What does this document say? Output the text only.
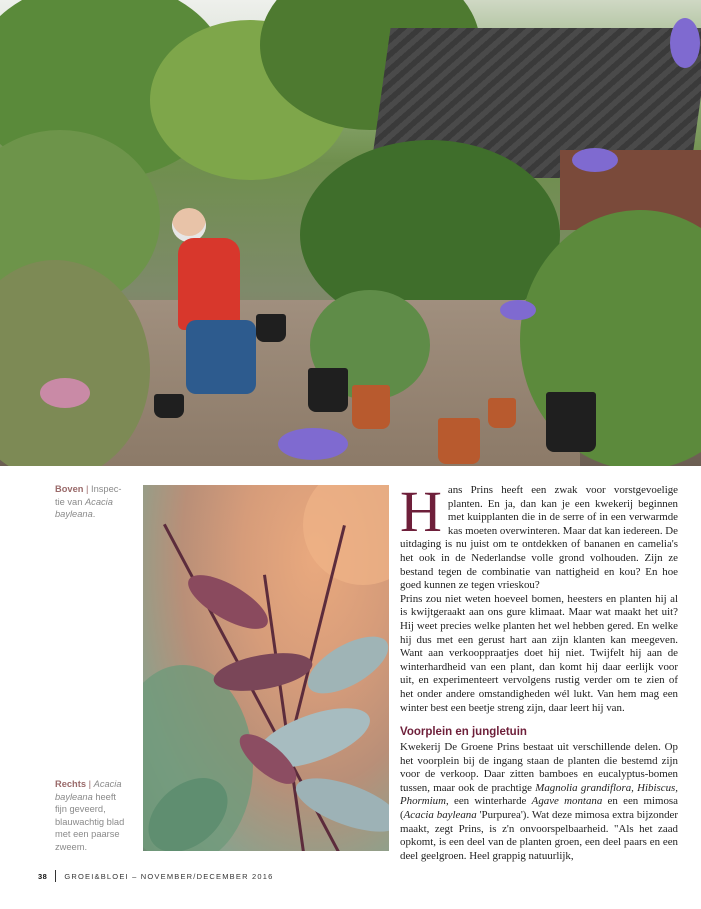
Boven | Inspec-tie van Acacia bayleana.
Rechts | Acacia bayleana heeft fijn geveerd, blauwachtig blad met een paarse zweem.
H ans Prins heeft een zwak voor vorstgevoelige planten. En ja, dan kan je een kwekerij beginnen met kuipplanten die in de serre of in een verwarmde kas moeten overwinteren. Maar dat kan iedereen. De uitdaging is nu juist om te ontdekken of bananen en camelia's het ook in de Nederlandse volle grond volhouden. Zijn ze bestand tegen de combinatie van nattigheid en kou? En hoe goed kunnen ze tegen vrieskou?

Prins zou niet weten hoeveel bomen, heesters en planten hij al is kwijtgeraakt aan ons gure klimaat. Maar wat maakt het uit? Hij weet precies welke planten het wel hebben gered. En welke hij dus met een gerust hart aan zijn klanten kan meegeven. Want aan verkooppraatjes doet hij niet. Twijfelt hij aan de winterhardheid van een plant, dan komt hij daar eerlijk voor uit, en experimenteert vervolgens rustig verder om te zien of het onder andere omstandigheden wél lukt. Van hem mag een winter best een beetje streng zijn, daar leert hij van.

Voorplein en jungletuin

Kwekerij De Groene Prins bestaat uit verschillende delen. Op het voorplein bij de ingang staan de planten die bestemd zijn voor de verkoop. Daar zitten bamboes en eucalyptus-bomen tussen, maar ook de prachtige Magnolia grandiflora, Hibiscus, Phormium, een winterharde Agave montana en een mimosa (Acacia bayleana 'Purpurea'). Wat deze mimosa extra bijzonder maakt, zegt Prins, is z'n onvoorspelbaarheid. "Als het zaad opkomt, is een deel van de planten groen, een deel paars en een deel geelgroen. Heel grappig natuurlijk,

38 GROEI&BLOEI – NOVEMBER/DECEMBER 2016
